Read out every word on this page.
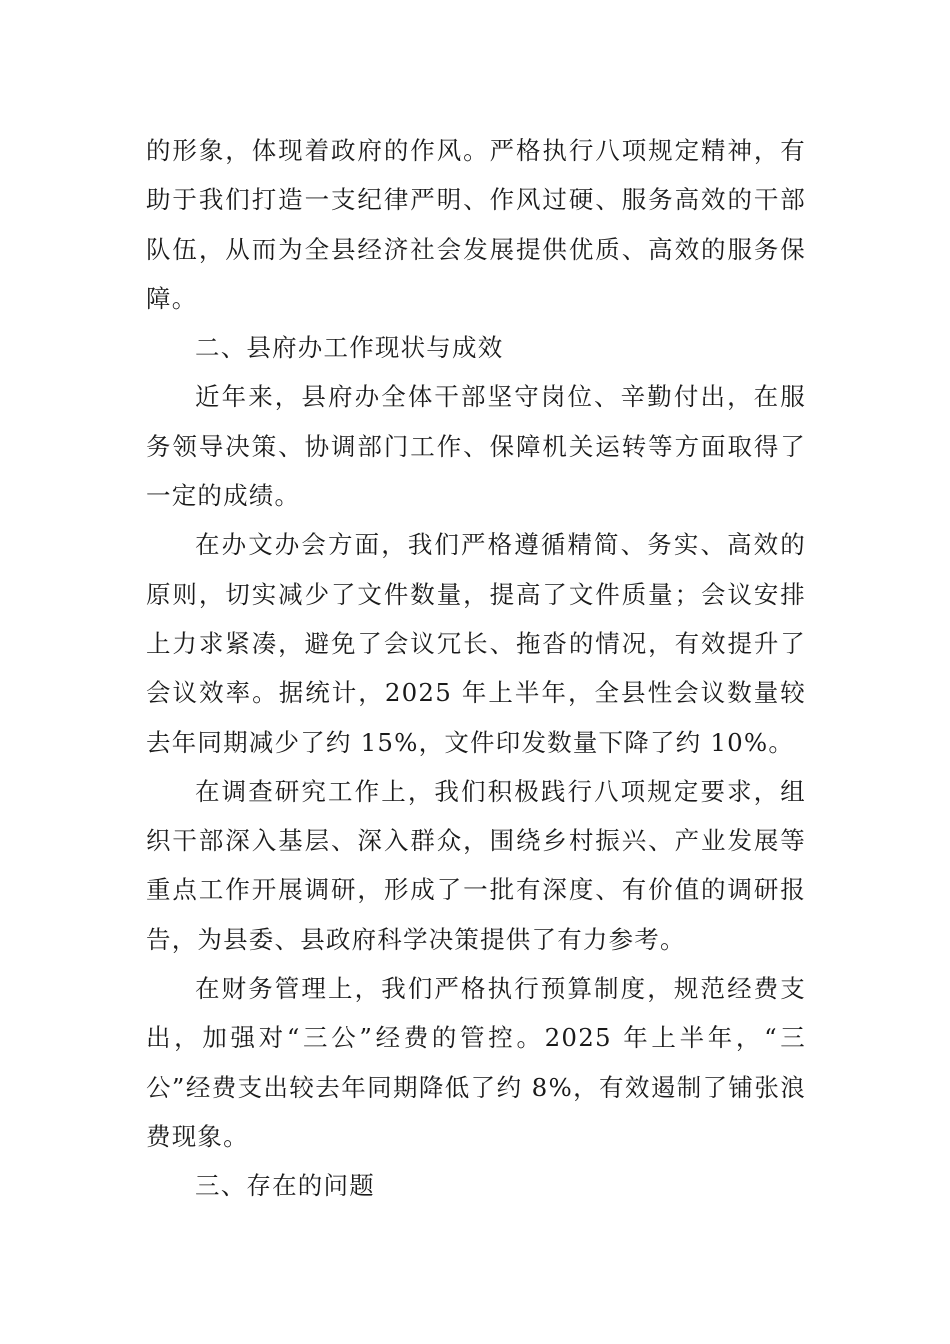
的形象，体现着政府的作风。严格执行八项规定精神，有助于我们打造一支纪律严明、作风过硬、服务高效的干部队伍，从而为全县经济社会发展提供优质、高效的服务保障。

二、县府办工作现状与成效

近年来，县府办全体干部坚守岗位、辛勤付出，在服务领导决策、协调部门工作、保障机关运转等方面取得了一定的成绩。

在办文办会方面，我们严格遵循精简、务实、高效的原则，切实减少了文件数量，提高了文件质量；会议安排上力求紧凑，避免了会议冗长、拖沓的情况，有效提升了会议效率。据统计，2025 年上半年，全县性会议数量较去年同期减少了约 15%，文件印发数量下降了约 10%。

在调查研究工作上，我们积极践行八项规定要求，组织干部深入基层、深入群众，围绕乡村振兴、产业发展等重点工作开展调研，形成了一批有深度、有价值的调研报告，为县委、县政府科学决策提供了有力参考。

在财务管理上，我们严格执行预算制度，规范经费支出，加强对“三公”经费的管控。2025 年上半年，“三公”经费支出较去年同期降低了约 8%，有效遏制了铺张浪费现象。

三、存在的问题
